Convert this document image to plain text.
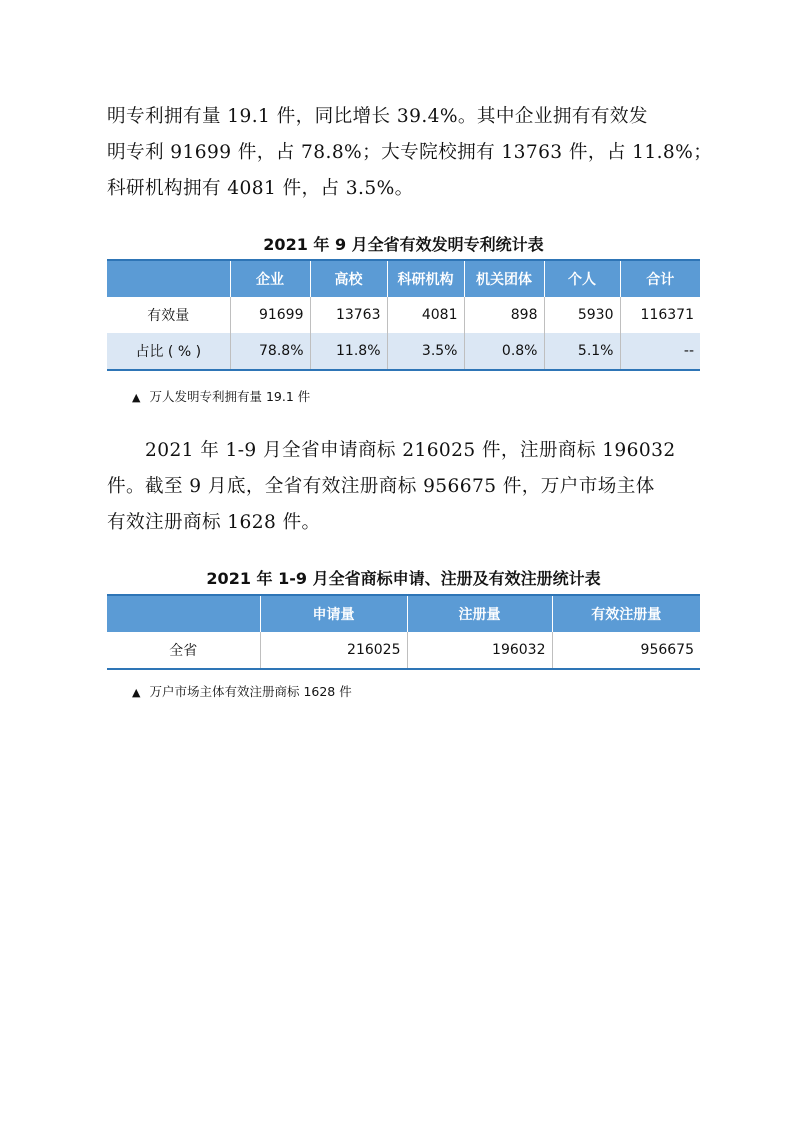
明专利拥有量 19.1 件，同比增长 39.4%。其中企业拥有有效发

明专利 91699 件，占 78.8%；大专院校拥有 13763 件，占 11.8%；

科研机构拥有 4081 件，占 3.5%。

2021 年 9 月全省有效发明专利统计表
	企业	高校	科研机构	机关团体	个人	合计
有效量	91699	13763	4081	898	5930	116371
占比 ( % )	78.8%	11.8%	3.5%	0.8%	5.1%	--
▲ 万人发明专利拥有量 19.1 件

　　2021 年 1-9 月全省申请商标 216025 件，注册商标 196032

件。截至 9 月底，全省有效注册商标 956675 件，万户市场主体

有效注册商标 1628 件。

2021 年 1-9 月全省商标申请、注册及有效注册统计表
	申请量	注册量	有效注册量
全省	216025	196032	956675
▲ 万户市场主体有效注册商标 1628 件
